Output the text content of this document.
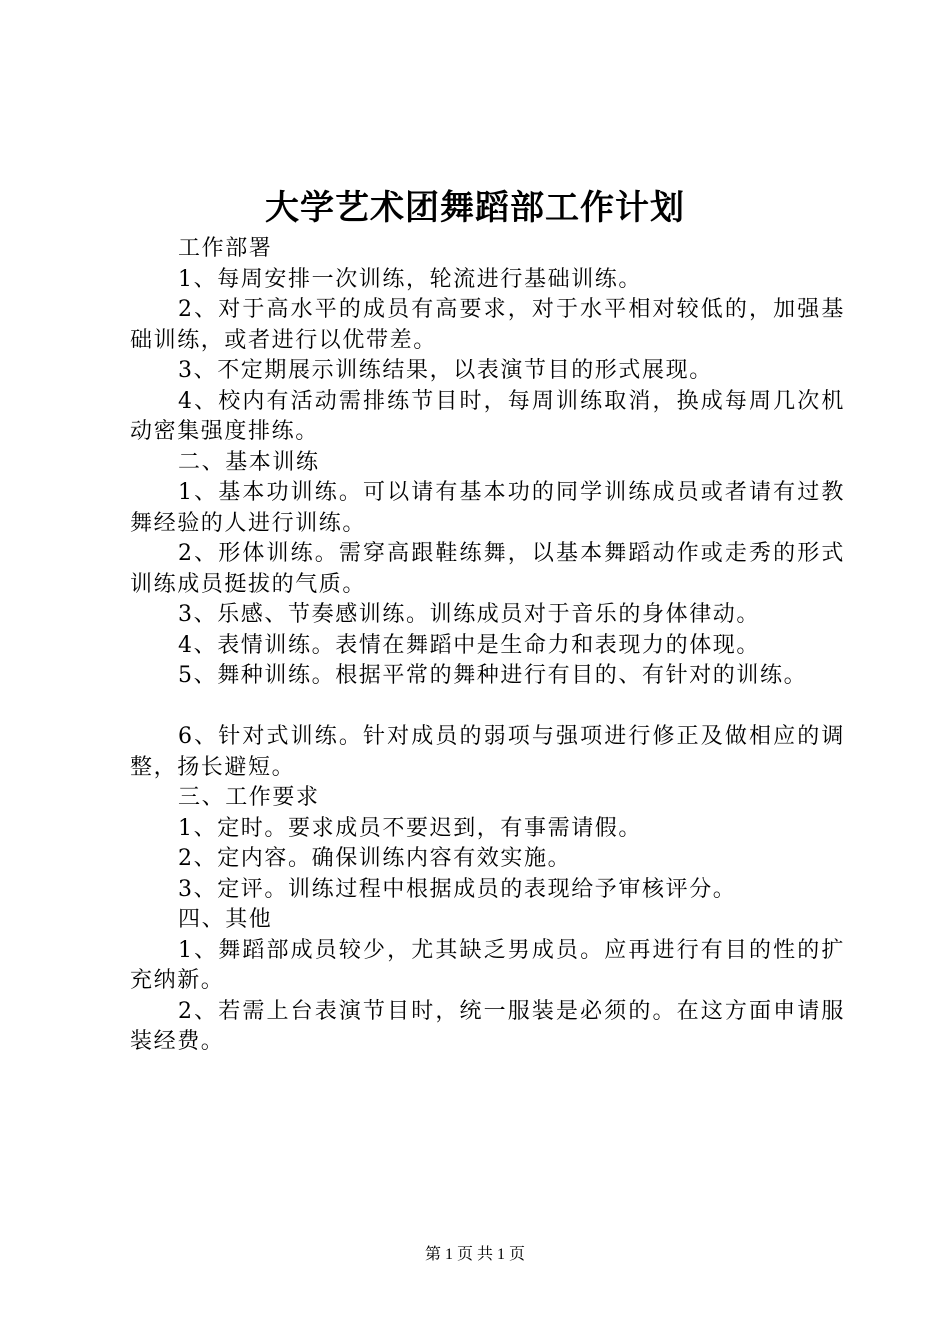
大学艺术团舞蹈部工作计划

工作部署

1、每周安排一次训练，轮流进行基础训练。

2、对于高水平的成员有高要求，对于水平相对较低的，加强基础训练，或者进行以优带差。

3、不定期展示训练结果，以表演节目的形式展现。

4、校内有活动需排练节目时，每周训练取消，换成每周几次机动密集强度排练。

二、基本训练

1、基本功训练。可以请有基本功的同学训练成员或者请有过教舞经验的人进行训练。

2、形体训练。需穿高跟鞋练舞，以基本舞蹈动作或走秀的形式训练成员挺拔的气质。

3、乐感、节奏感训练。训练成员对于音乐的身体律动。

4、表情训练。表情在舞蹈中是生命力和表现力的体现。

5、舞种训练。根据平常的舞种进行有目的、有针对的训练。

6、针对式训练。针对成员的弱项与强项进行修正及做相应的调整，扬长避短。

三、工作要求

1、定时。要求成员不要迟到，有事需请假。

2、定内容。确保训练内容有效实施。

3、定评。训练过程中根据成员的表现给予审核评分。

四、其他

1、舞蹈部成员较少，尤其缺乏男成员。应再进行有目的性的扩充纳新。

2、若需上台表演节目时，统一服装是必须的。在这方面申请服装经费。

第 1 页 共 1 页
